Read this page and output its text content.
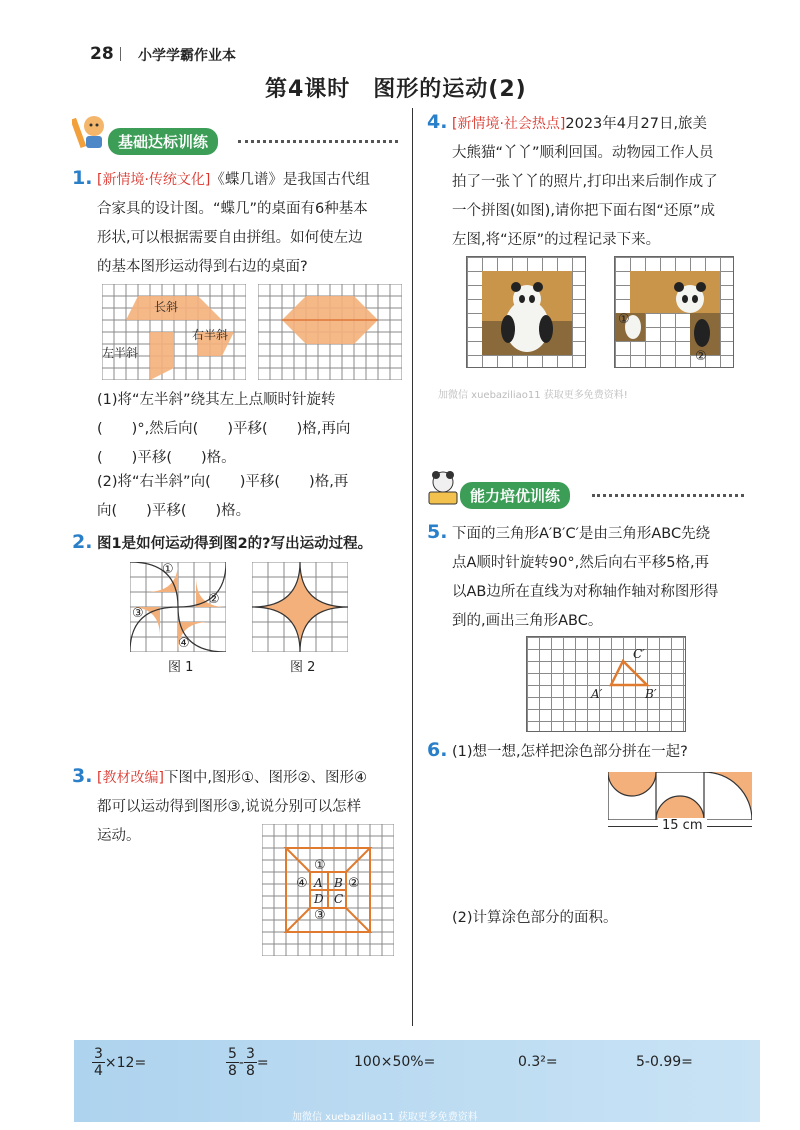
28 小学学霸作业本
第4课时　图形的运动(2)
基础达标训练
1. [新情境·传统文化]《蝶几谱》是我国古代组
合家具的设计图。“蝶几”的桌面有6种基本
形状,可以根据需要自由拼组。如何使左边
的基本图形运动得到右边的桌面?
长斜
右半斜
左半斜
(1)将“左半斜”绕其左上点顺时针旋转
(　　)°,然后向(　　)平移(　　)格,再向
(　　)平移(　　)格。
(2)将“右半斜”向(　　)平移(　　)格,再
向(　　)平移(　　)格。
2. 图1是如何运动得到图2的?写出运动过程。
①
②
③
④
图 1	图 2
3. [教材改编]下图中,图形①、图形②、图形④
都可以运动得到图形③,说说分别可以怎样
运动。
①
④ A B ②
D C
③
4. [新情境·社会热点]2023年4月27日,旅美
大熊猫“丫丫”顺利回国。动物园工作人员
拍了一张丫丫的照片,打印出来后制作成了
一个拼图(如图),请你把下面右图“还原”成
左图,将“还原”的过程记录下来。
①
②
加微信 xuebaziliao11 获取更多免费资料!
能力培优训练
5. 下面的三角形A′B′C′是由三角形ABC先绕
点A顺时针旋转90°,然后向右平移5格,再
以AB边所在直线为对称轴作轴对称图形得
到的,画出三角形ABC。
C′
A′	B′
6. (1)想一想,怎样把涂色部分拼在一起?
15 cm
(2)计算涂色部分的面积。
$\frac{3}{4}\times 12=$	$\frac{5}{8}- \frac{3}{8}=$	100×50%=	0.3²=	5-0.99=
加微信 xuebaziliao11 获取更多免费资料
